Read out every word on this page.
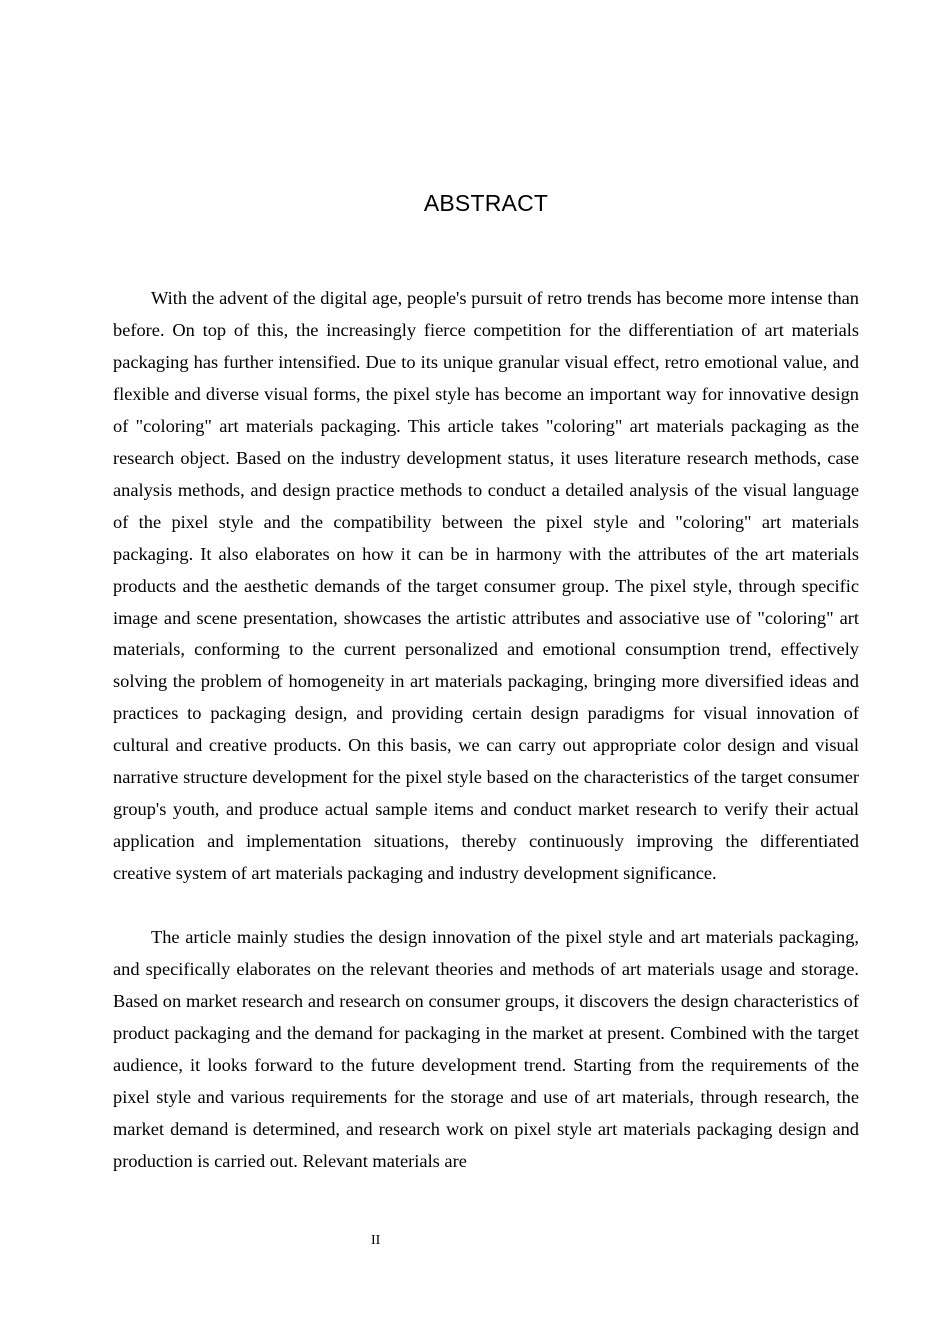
ABSTRACT

With the advent of the digital age, people's pursuit of retro trends has become more intense than before. On top of this, the increasingly fierce competition for the differentiation of art materials packaging has further intensified. Due to its unique granular visual effect, retro emotional value, and flexible and diverse visual forms, the pixel style has become an important way for innovative design of "coloring" art materials packaging. This article takes "coloring" art materials packaging as the research object. Based on the industry development status, it uses literature research methods, case analysis methods, and design practice methods to conduct a detailed analysis of the visual language of the pixel style and the compatibility between the pixel style and "coloring" art materials packaging. It also elaborates on how it can be in harmony with the attributes of the art materials products and the aesthetic demands of the target consumer group. The pixel style, through specific image and scene presentation, showcases the artistic attributes and associative use of "coloring" art materials, conforming to the current personalized and emotional consumption trend, effectively solving the problem of homogeneity in art materials packaging, bringing more diversified ideas and practices to packaging design, and providing certain design paradigms for visual innovation of cultural and creative products. On this basis, we can carry out appropriate color design and visual narrative structure development for the pixel style based on the characteristics of the target consumer group's youth, and produce actual sample items and conduct market research to verify their actual application and implementation situations, thereby continuously improving the differentiated creative system of art materials packaging and industry development significance.

The article mainly studies the design innovation of the pixel style and art materials packaging, and specifically elaborates on the relevant theories and methods of art materials usage and storage. Based on market research and research on consumer groups, it discovers the design characteristics of product packaging and the demand for packaging in the market at present. Combined with the target audience, it looks forward to the future development trend. Starting from the requirements of the pixel style and various requirements for the storage and use of art materials, through research, the market demand is determined, and research work on pixel style art materials packaging design and production is carried out. Relevant materials are

II
